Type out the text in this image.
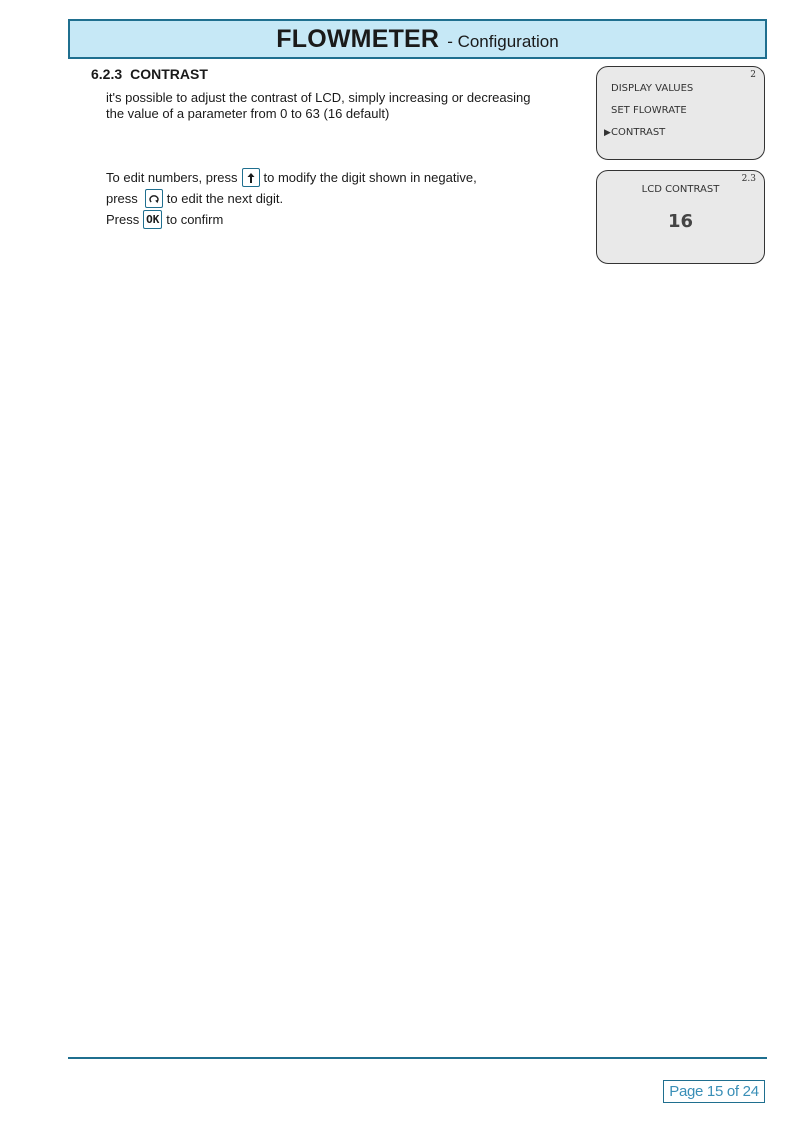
FLOWMETER - Configuration
6.2.3 CONTRAST
it's possible to adjust the contrast of LCD, simply increasing or decreasing
the value of a parameter from 0 to 63 (16 default)
To edit numbers, press to modify the digit shown in negative,
press to edit the next digit.
Press OK to confirm
2
DISPLAY VALUES
SET FLOWRATE
▶ CONTRAST
2.3
LCD CONTRAST
16
Page 15 of 24
